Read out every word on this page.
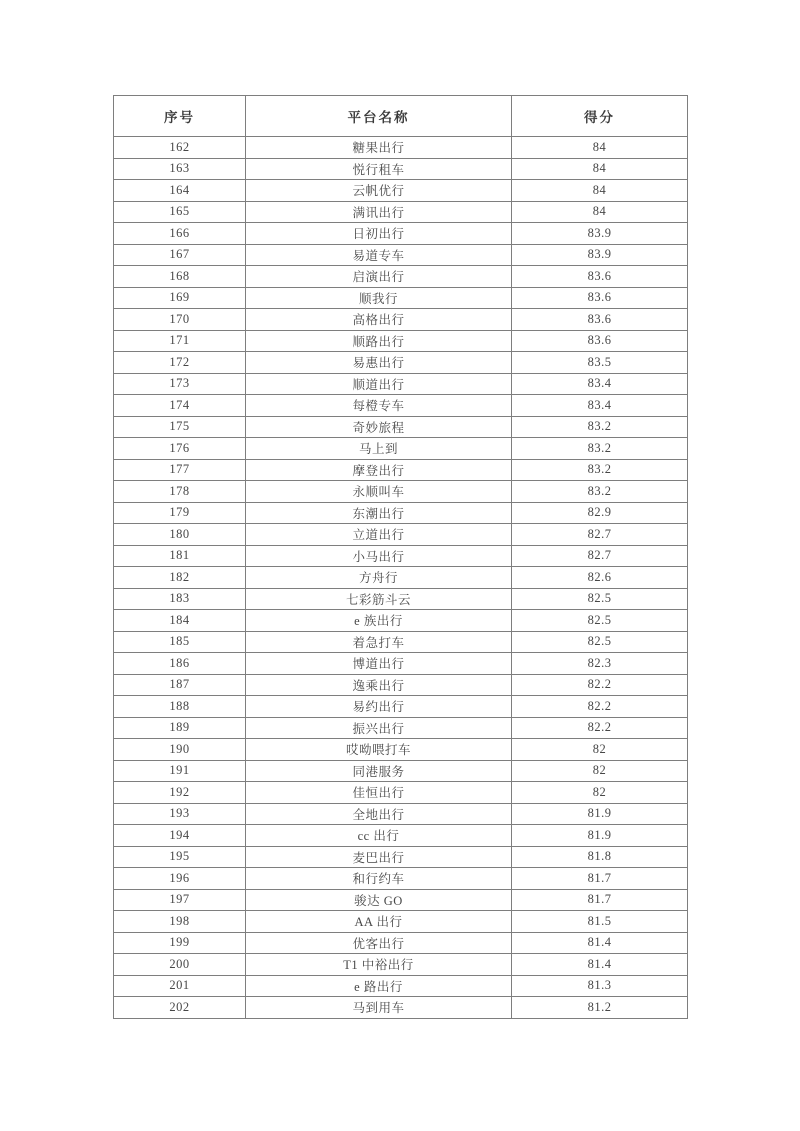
序号	平台名称	得分
162	糖果出行	84
163	悦行租车	84
164	云帆优行	84
165	满讯出行	84
166	日初出行	83.9
167	易道专车	83.9
168	启演出行	83.6
169	顺我行	83.6
170	高格出行	83.6
171	顺路出行	83.6
172	易惠出行	83.5
173	顺道出行	83.4
174	每橙专车	83.4
175	奇妙旅程	83.2
176	马上到	83.2
177	摩登出行	83.2
178	永顺叫车	83.2
179	东潮出行	82.9
180	立道出行	82.7
181	小马出行	82.7
182	方舟行	82.6
183	七彩筋斗云	82.5
184	e 族出行	82.5
185	着急打车	82.5
186	博道出行	82.3
187	逸乘出行	82.2
188	易约出行	82.2
189	振兴出行	82.2
190	哎呦喂打车	82
191	同港服务	82
192	佳恒出行	82
193	全地出行	81.9
194	cc 出行	81.9
195	麦巴出行	81.8
196	和行约车	81.7
197	骏达 GO	81.7
198	AA 出行	81.5
199	优客出行	81.4
200	T1 中裕出行	81.4
201	e 路出行	81.3
202	马到用车	81.2
